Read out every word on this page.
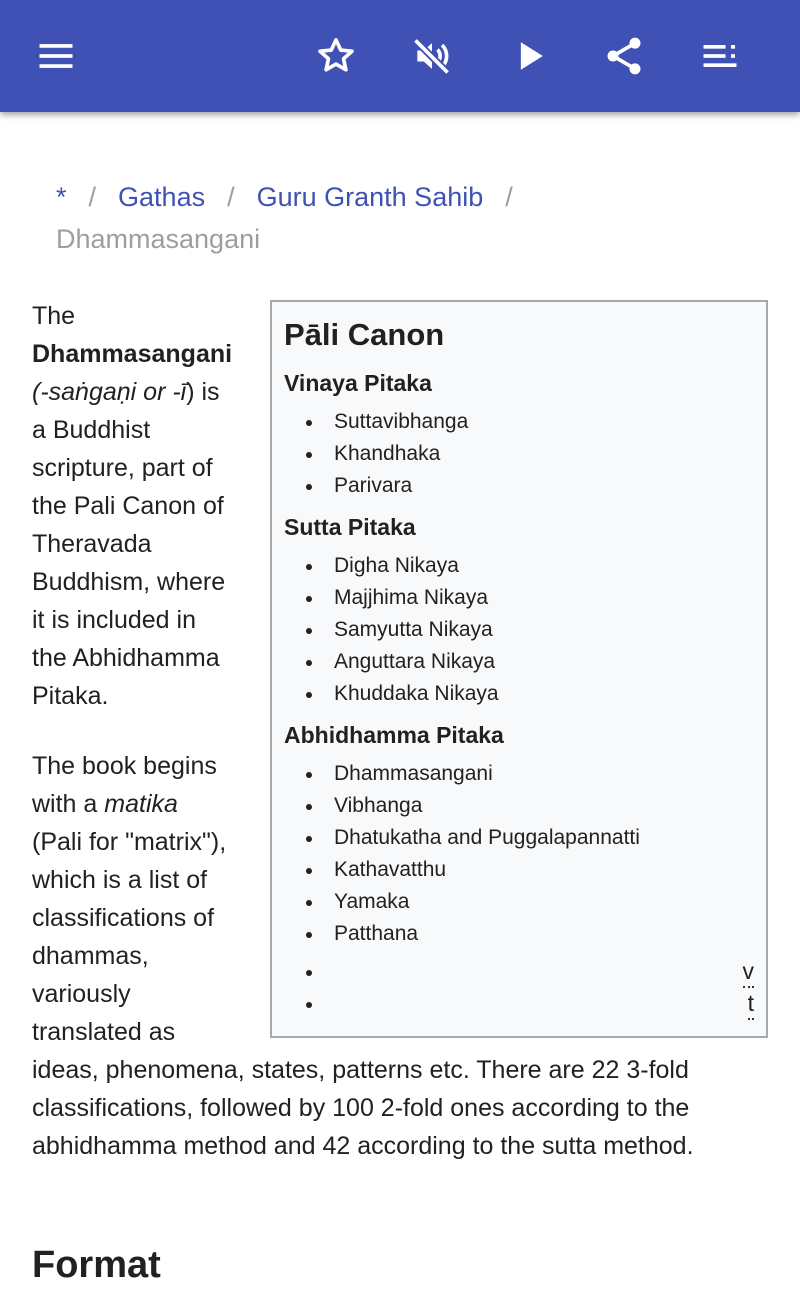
* / Gathas / Guru Granth Sahib /
Dhammasangani
Pāli Canon
Vinaya Pitaka
Suttavibhanga
Khandhaka
Parivara
Sutta Pitaka
Digha Nikaya
Majjhima Nikaya
Samyutta Nikaya
Anguttara Nikaya
Khuddaka Nikaya
Abhidhamma Pitaka
Dhammasangani
Vibhanga
Dhatukatha and Puggalapannatti
Kathavatthu
Yamaka
Patthana
v
t

The Dhammasangani (-saṅgaṇi or -ī) is a Buddhist scripture, part of the Pali Canon of Theravada Buddhism, where it is included in the Abhidhamma Pitaka.

The book begins with a matika (Pali for "matrix"), which is a list of classifications of dhammas, variously translated as ideas, phenomena, states, patterns etc. There are 22 3-fold classifications, followed by 100 2-fold ones according to the abhidhamma method and 42 according to the sutta method.

Format
